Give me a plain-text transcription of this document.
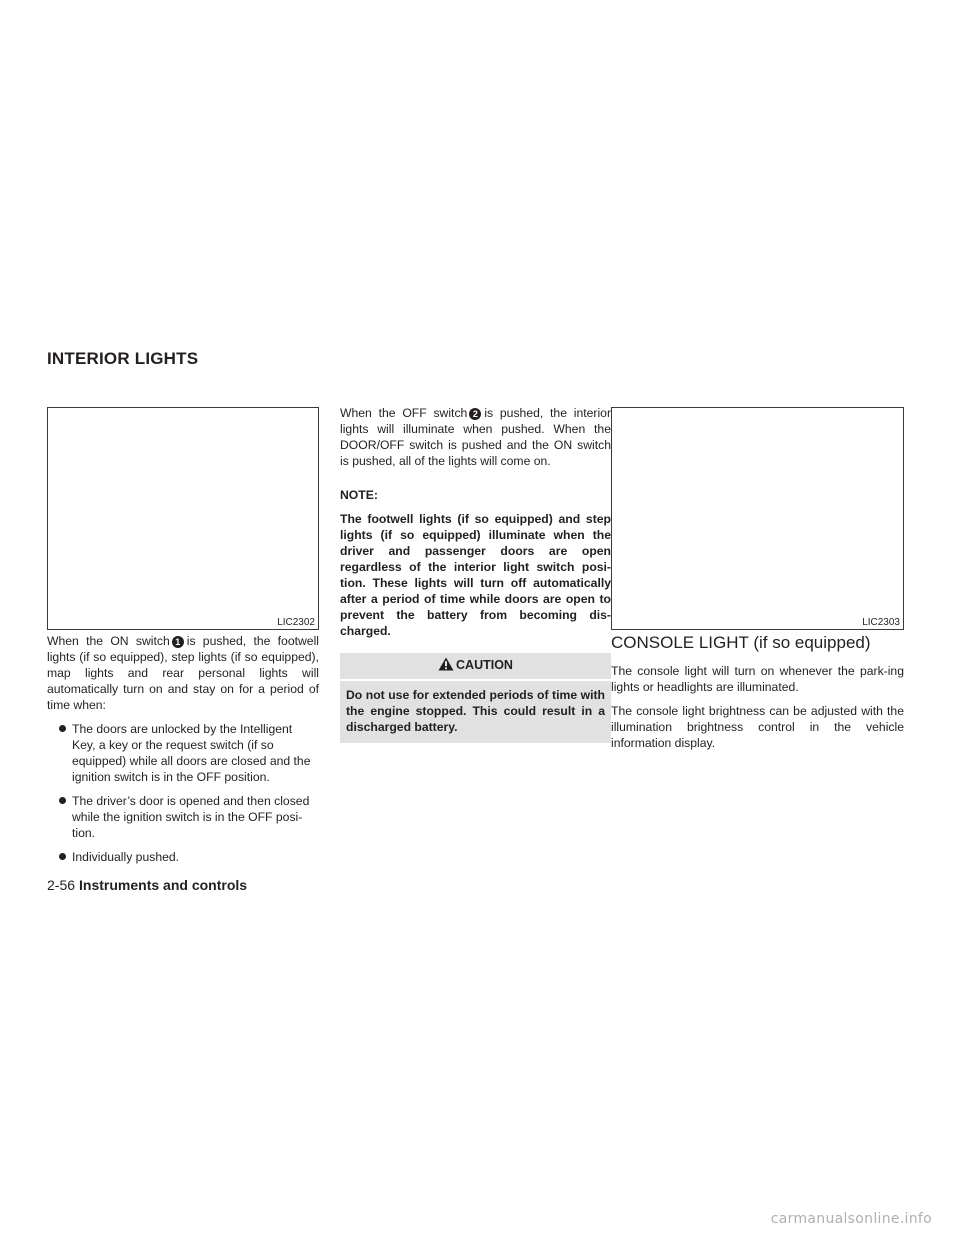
INTERIOR LIGHTS
LIC2302	LIC2303

When the ON switch 1 is pushed, the footwell lights (if so equipped), step lights (if so equipped), map lights and rear personal lights will automatically turn on and stay on for a period of time when:

The doors are unlocked by the Intelligent Key, a key or the request switch (if so equipped) while all doors are closed and the ignition switch is in the OFF position.
The driver’s door is opened and then closed while the ignition switch is in the OFF posi-tion.
Individually pushed.

When the OFF switch 2 is pushed, the interior lights will illuminate when pushed. When the DOOR/OFF switch is pushed and the ON switch is pushed, all of the lights will come on.

NOTE:

The footwell lights (if so equipped) and step lights (if so equipped) illuminate when the driver and passenger doors are open regardless of the interior light switch posi-tion. These lights will turn off automatically after a period of time while doors are open to prevent the battery from becoming dis-charged.

CAUTION
Do not use for extended periods of time with the engine stopped. This could result in a discharged battery.
CONSOLE LIGHT (if so equipped)

The console light will turn on whenever the park-ing lights or headlights are illuminated.

The console light brightness can be adjusted with the illumination brightness control in the vehicle information display.

2-56 Instruments and controls
carmanualsonline.info
